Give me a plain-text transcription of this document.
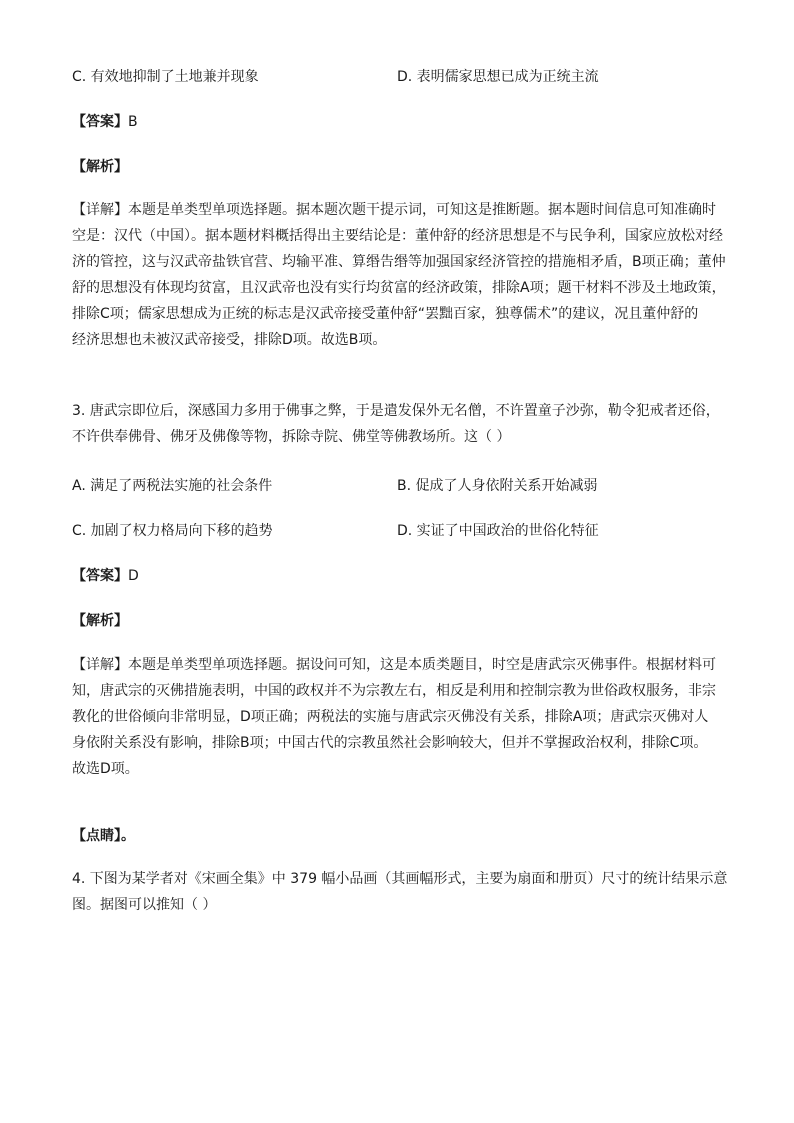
C. 有效地抑制了土地兼并现象	D. 表明儒家思想已成为正统主流
【答案】B
【解析】
【详解】本题是单类型单项选择题。据本题次题干提示词，可知这是推断题。据本题时间信息可知准确时
空是：汉代（中国）。据本题材料概括得出主要结论是：董仲舒的经济思想是不与民争利，国家应放松对经
济的管控，这与汉武帝盐铁官营、均输平准、算缗告缗等加强国家经济管控的措施相矛盾，B项正确；董仲
舒的思想没有体现均贫富，且汉武帝也没有实行均贫富的经济政策，排除A项；题干材料不涉及土地政策，
排除C项；儒家思想成为正统的标志是汉武帝接受董仲舒“罢黜百家，独尊儒术”的建议，况且董仲舒的
经济思想也未被汉武帝接受，排除D项。故选B项。
3. 唐武宗即位后，深感国力多用于佛事之弊，于是遣发保外无名僧，不许置童子沙弥，勒令犯戒者还俗，
不许供奉佛骨、佛牙及佛像等物，拆除寺院、佛堂等佛教场所。这（ ）
A. 满足了两税法实施的社会条件	B. 促成了人身依附关系开始减弱
C. 加剧了权力格局向下移的趋势	D. 实证了中国政治的世俗化特征
【答案】D
【解析】
【详解】本题是单类型单项选择题。据设问可知，这是本质类题目，时空是唐武宗灭佛事件。根据材料可
知，唐武宗的灭佛措施表明，中国的政权并不为宗教左右，相反是利用和控制宗教为世俗政权服务，非宗
教化的世俗倾向非常明显，D项正确；两税法的实施与唐武宗灭佛没有关系，排除A项；唐武宗灭佛对人
身依附关系没有影响，排除B项；中国古代的宗教虽然社会影响较大，但并不掌握政治权利，排除C项。
故选D项。
【点睛】。
4. 下图为某学者对《宋画全集》中 379 幅小品画（其画幅形式，主要为扇面和册页）尺寸的统计结果示意
图。据图可以推知（ ）
